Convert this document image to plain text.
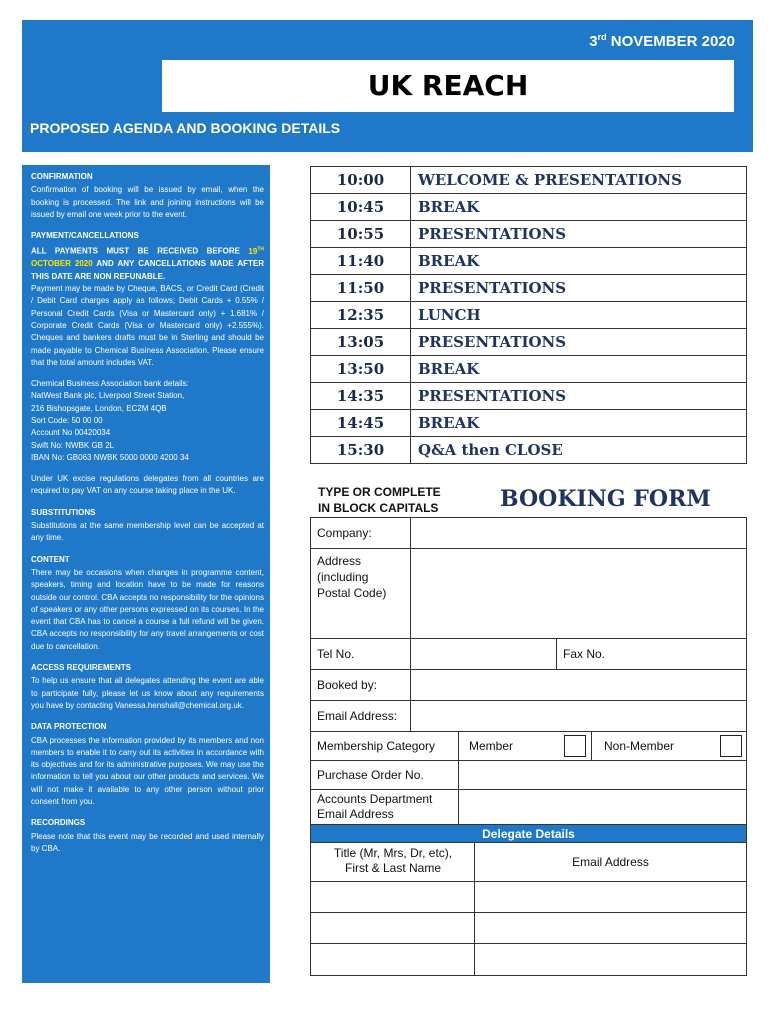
3rd NOVEMBER 2020
UK REACH
PROPOSED AGENDA AND BOOKING DETAILS
CONFIRMATION
Confirmation of booking will be issued by email, when the booking is processed. The link and joining instructions will be issued by email one week prior to the event.
PAYMENT/CANCELLATIONS
ALL PAYMENTS MUST BE RECEIVED BEFORE 19TH OCTOBER 2020 AND ANY CANCELLATIONS MADE AFTER THIS DATE ARE NON REFUNABLE.
Payment may be made by Cheque, BACS, or Credit Card (Credit / Debit Card charges apply as follows; Debit Cards + 0.55% / Personal Credit Cards (Visa or Mastercard only) + 1.681% / Corporate Credit Cards (Visa or Mastercard only) +2.555%). Cheques and bankers drafts must be in Sterling and should be made payable to Chemical Business Association. Please ensure that the total amount includes VAT.
Chemical Business Association bank details:
NatWest Bank plc, Liverpool Street Station,
216 Bishopsgate, London, EC2M 4QB
Sort Code: 50 00 00
Account No 00420034
Swift No: NWBK GB 2L
IBAN No: GB063 NWBK 5000 0000 4200 34
Under UK excise regulations delegates from all countries are required to pay VAT on any course taking place in the UK.
SUBSTITUTIONS
Substitutions at the same membership level can be accepted at any time.
CONTENT
There may be occasions when changes in programme content, speakers, timing and location have to be made for reasons outside our control. CBA accepts no responsibility for the opinions of speakers or any other persons expressed on its courses. In the event that CBA has to cancel a course a full refund will be given. CBA accepts no responsibility for any travel arrangements or cost due to cancellation.
ACCESS REQUIREMENTS
To help us ensure that all delegates attending the event are able to participate fully, please let us know about any requirements you have by contacting Vanessa.henshall@chemical.org.uk.
DATA PROTECTION
CBA processes the information provided by its members and non members to enable it to carry out its activities in accordance with its objectives and for its administrative purposes. We may use the information to tell you about our other products and services. We will not make it available to any other person without prior consent from you.
RECORDINGS
Please note that this event may be recorded and used internally by CBA.
10:00	WELCOME & PRESENTATIONS
10:45	BREAK
10:55	PRESENTATIONS
11:40	BREAK
11:50	PRESENTATIONS
12:35	LUNCH
13:05	PRESENTATIONS
13:50	BREAK
14:35	PRESENTATIONS
14:45	BREAK
15:30	Q&A then CLOSE
TYPE OR COMPLETE
IN BLOCK CAPITALS	BOOKING FORM
Company:
Address
(including
Postal Code)
Tel No.	Fax No.
Booked by:
Email Address:
Membership Category	Member	Non-Member
Purchase Order No.
Accounts Department
Email Address
Delegate Details
Title (Mr, Mrs, Dr, etc),
First & Last Name	Email Address
